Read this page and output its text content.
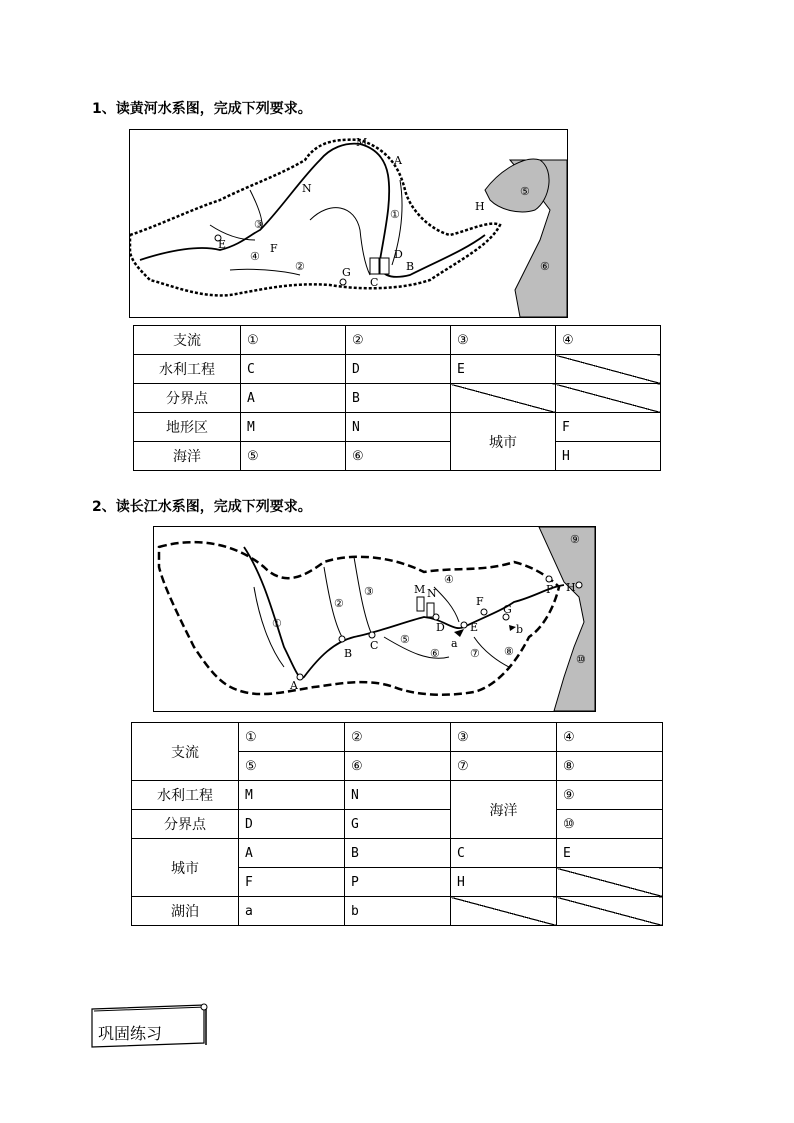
1、读黄河水系图，完成下列要求。
M
A
N
①
H
⑤
③
E	F
④
②	G
D
B
C
⑥
支流	①	②	③	④
水利工程	C	D	E	
分界点	A	B		
地形区	M	N	城市	F
海洋	⑤	⑥		H
2、读长江水系图，完成下列要求。
⑨
P H
M N
④
③
②	F
G
①	D E	b
⑤	a
C
B	⑥	⑦ ⑧
⑩
A
支流	①	②	③	④
	⑤	⑥	⑦	⑧
水利工程	M	N	海洋	⑨
分界点	D	G		⑩
城市	A	B	C	E
	F	P	H	
湖泊	a	b		
巩固练习
